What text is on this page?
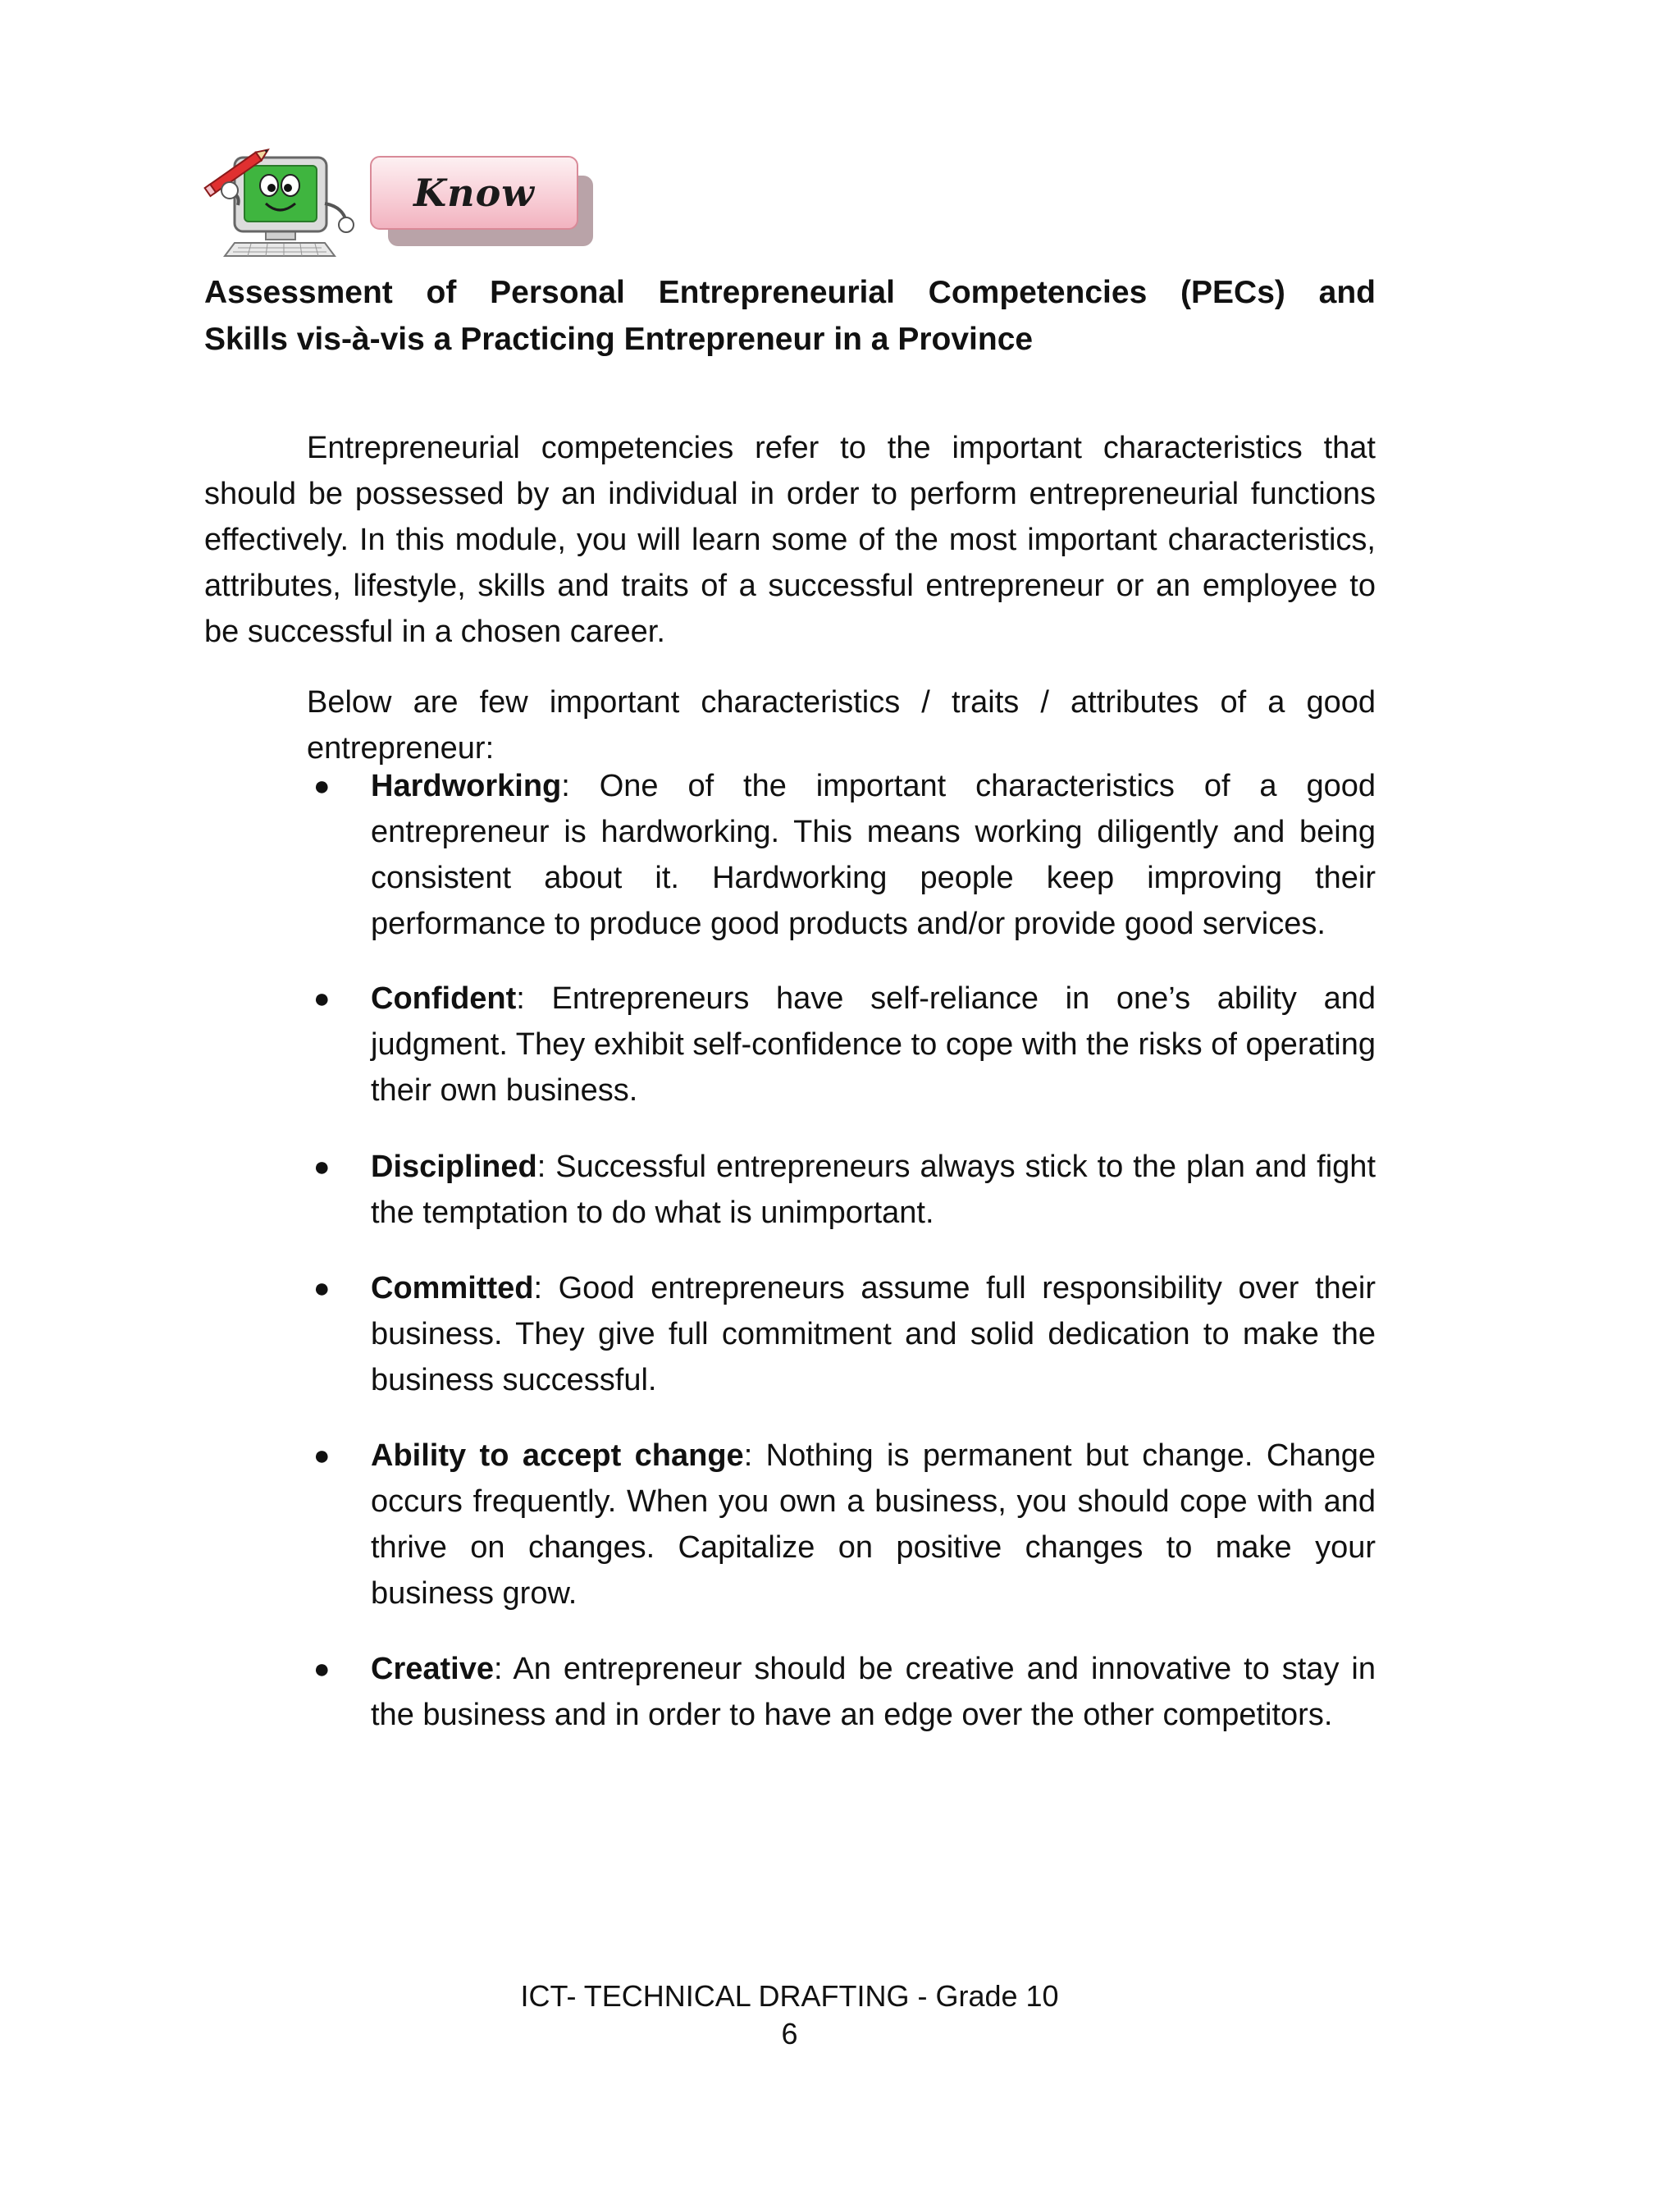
Know
Assessment of Personal Entrepreneurial Competencies (PECs) and
Skills vis-à-vis a Practicing Entrepreneur in a Province

Entrepreneurial competencies refer to the important characteristics that should be possessed by an individual in order to perform entrepreneurial functions effectively. In this module, you will learn some of the most important characteristics, attributes, lifestyle, skills and traits of a successful entrepreneur or an employee to be successful in a chosen career.

Below are few important characteristics / traits / attributes of a good entrepreneur:

● Hardworking: One of the important characteristics of a good entrepreneur is hardworking. This means working diligently and being consistent about it. Hardworking people keep improving their performance to produce good products and/or provide good services.
● Confident: Entrepreneurs have self-reliance in one’s ability and judgment. They exhibit self-confidence to cope with the risks of operating their own business.
● Disciplined: Successful entrepreneurs always stick to the plan and fight the temptation to do what is unimportant.
● Committed: Good entrepreneurs assume full responsibility over their business. They give full commitment and solid dedication to make the business successful.
● Ability to accept change: Nothing is permanent but change. Change occurs frequently. When you own a business, you should cope with and thrive on changes. Capitalize on positive changes to make your business grow.
● Creative: An entrepreneur should be creative and innovative to stay in the business and in order to have an edge over the other competitors.
ICT- TECHNICAL DRAFTING - Grade 10
6
